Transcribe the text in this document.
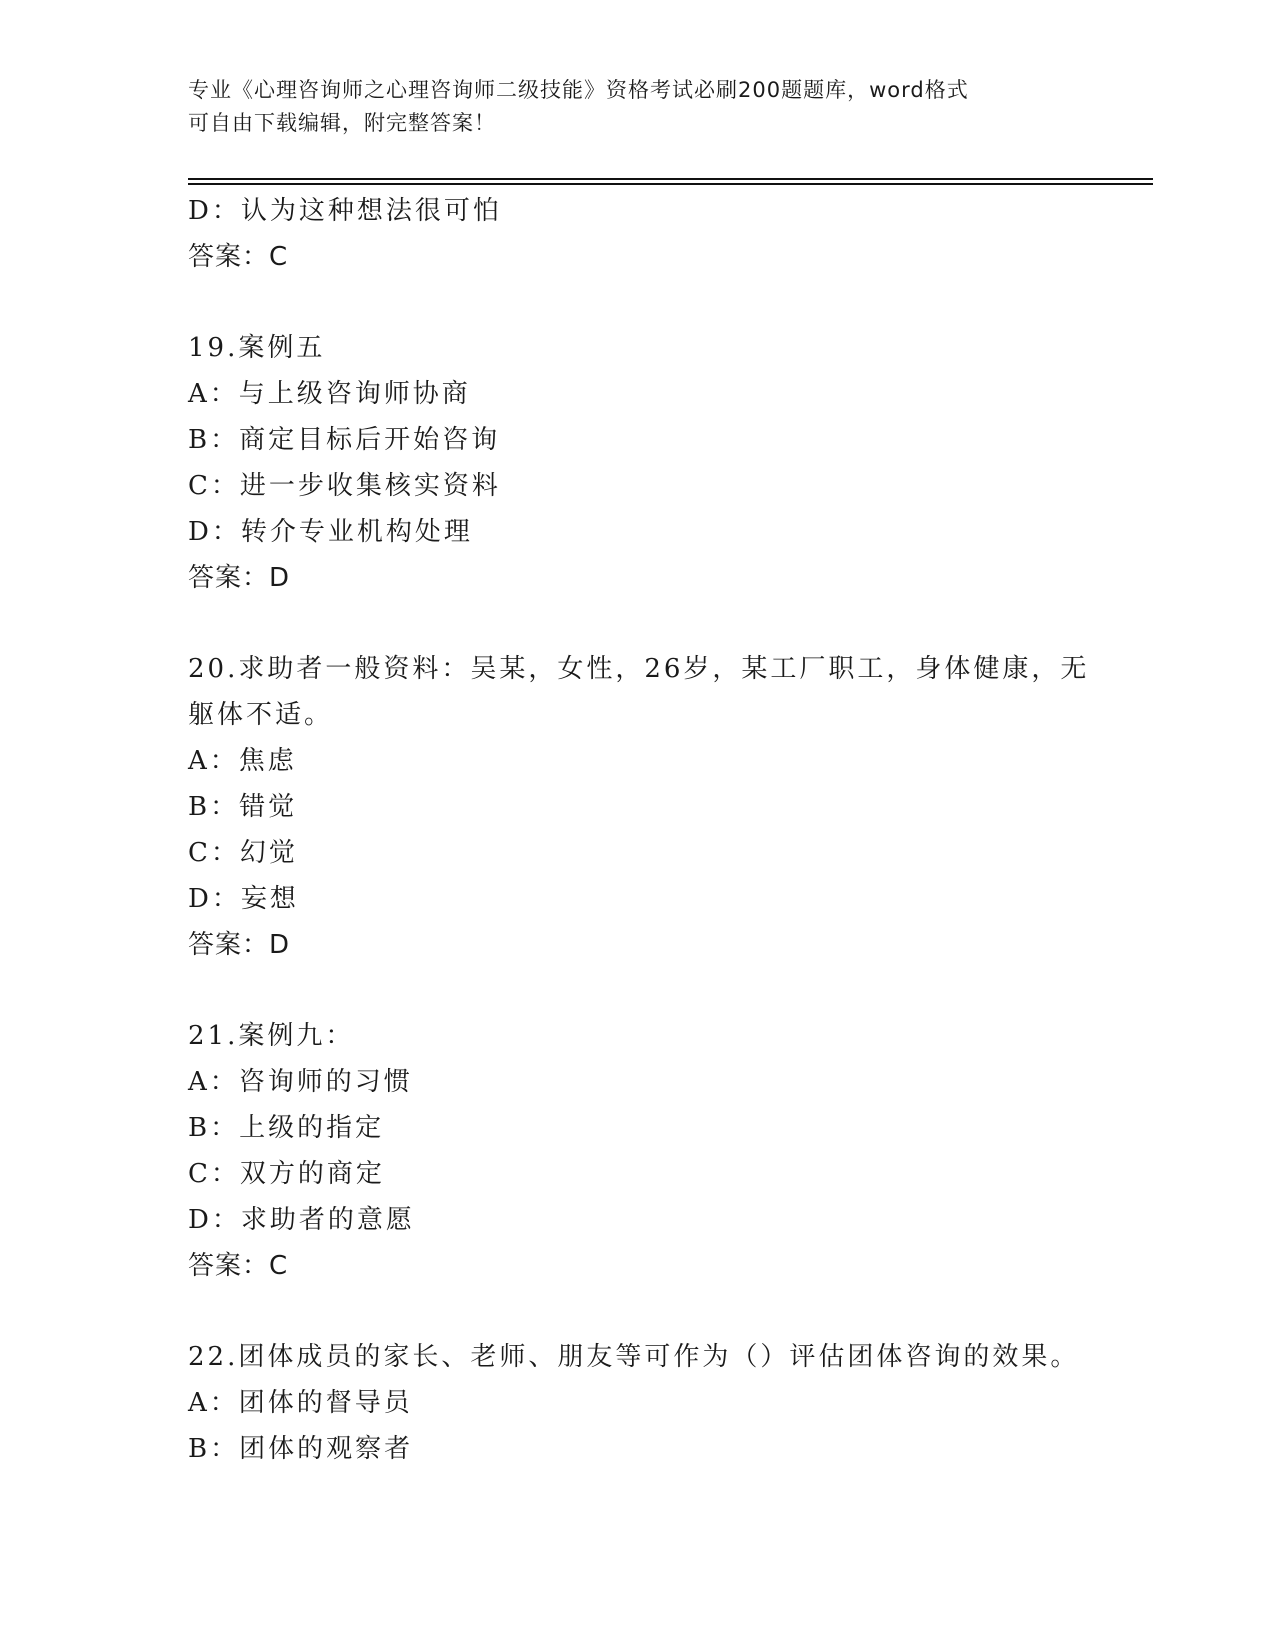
专业《心理咨询师之心理咨询师二级技能》资格考试必刷200题题库，word格式
可自由下载编辑，附完整答案！
D：认为这种想法很可怕
答案：C
19.案例五
A：与上级咨询师协商
B：商定目标后开始咨询
C：进一步收集核实资料
D：转介专业机构处理
答案：D
20.求助者一般资料：吴某，女性，26岁，某工厂职工，身体健康，无
躯体不适。
A：焦虑
B：错觉
C：幻觉
D：妄想
答案：D
21.案例九：
A：咨询师的习惯
B：上级的指定
C：双方的商定
D：求助者的意愿
答案：C
22.团体成员的家长、老师、朋友等可作为（）评估团体咨询的效果。
A：团体的督导员
B：团体的观察者
